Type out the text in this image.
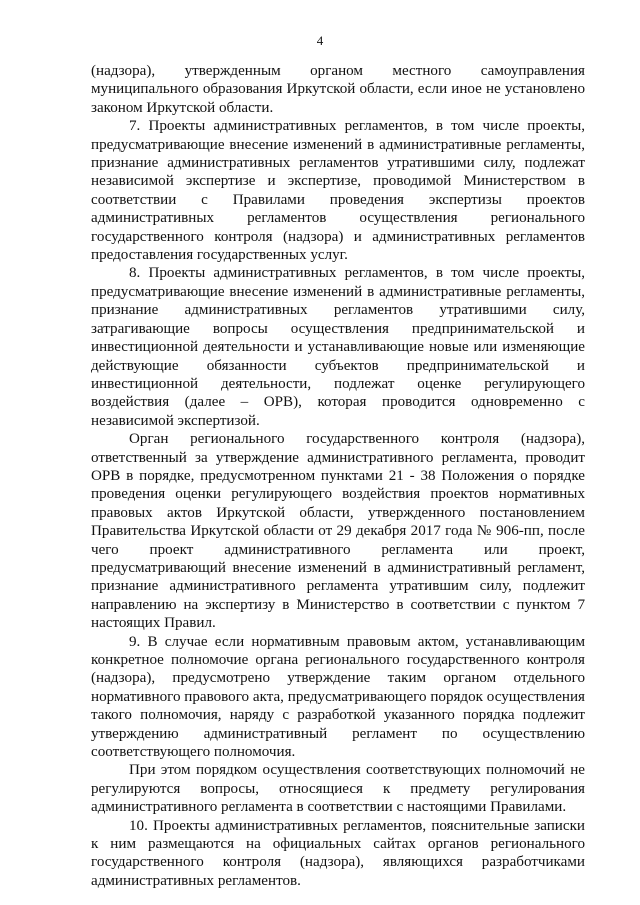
4

(надзора), утвержденным органом местного самоуправления муниципального образования Иркутской области, если иное не установлено законом Иркутской области.

7. Проекты административных регламентов, в том числе проекты, предусматривающие внесение изменений в административные регламенты, признание административных регламентов утратившими силу, подлежат независимой экспертизе и экспертизе, проводимой Министерством в соответствии с Правилами проведения экспертизы проектов административных регламентов осуществления регионального государственного контроля (надзора) и административных регламентов предоставления государственных услуг.

8. Проекты административных регламентов, в том числе проекты, предусматривающие внесение изменений в административные регламенты, признание административных регламентов утратившими силу, затрагивающие вопросы осуществления предпринимательской и инвестиционной деятельности и устанавливающие новые или изменяющие действующие обязанности субъектов предпринимательской и инвестиционной деятельности, подлежат оценке регулирующего воздействия (далее – ОРВ), которая проводится одновременно с независимой экспертизой.

Орган регионального государственного контроля (надзора), ответственный за утверждение административного регламента, проводит ОРВ в порядке, предусмотренном пунктами 21 - 38 Положения о порядке проведения оценки регулирующего воздействия проектов нормативных правовых актов Иркутской области, утвержденного постановлением Правительства Иркутской области от 29 декабря 2017 года № 906-пп, после чего проект административного регламента или проект, предусматривающий внесение изменений в административный регламент, признание административного регламента утратившим силу, подлежит направлению на экспертизу в Министерство в соответствии с пунктом 7 настоящих Правил.

9. В случае если нормативным правовым актом, устанавливающим конкретное полномочие органа регионального государственного контроля (надзора), предусмотрено утверждение таким органом отдельного нормативного правового акта, предусматривающего порядок осуществления такого полномочия, наряду с разработкой указанного порядка подлежит утверждению административный регламент по осуществлению соответствующего полномочия.

При этом порядком осуществления соответствующих полномочий не регулируются вопросы, относящиеся к предмету регулирования административного регламента в соответствии с настоящими Правилами.

10. Проекты административных регламентов, пояснительные записки к ним размещаются на официальных сайтах органов регионального государственного контроля (надзора), являющихся разработчиками административных регламентов.
